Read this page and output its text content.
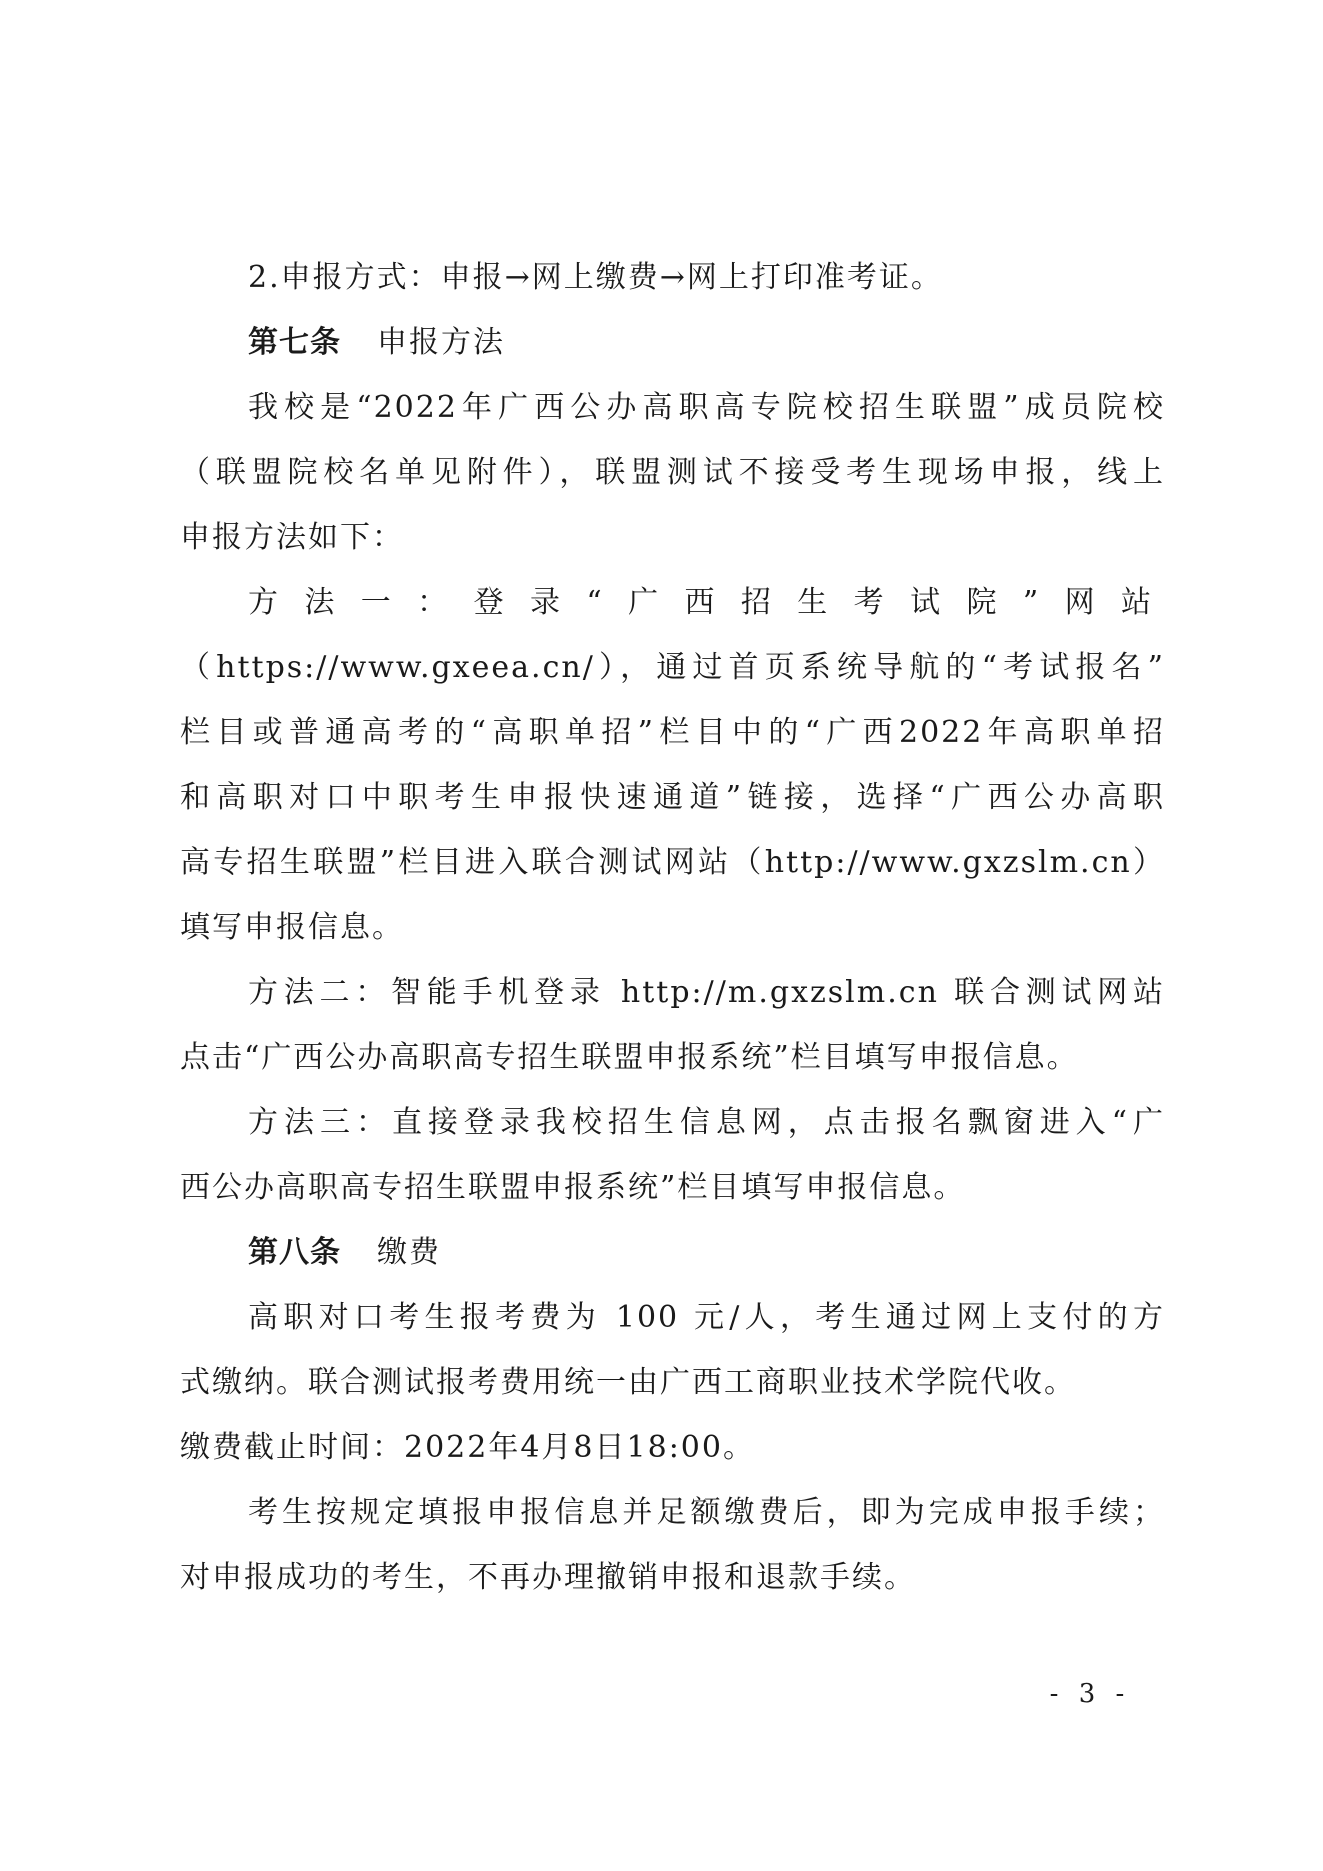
2.申报方式：申报→网上缴费→网上打印准考证。
第七条 申报方法
我校是“2022年广西公办高职高专院校招生联盟”成员院校
（联盟院校名单见附件），联盟测试不接受考生现场申报，线上
申报方法如下：
方法一：登录“广西招生考试院”网站
（https://www.gxeea.cn/），通过首页系统导航的“考试报名”
栏目或普通高考的“高职单招”栏目中的“广西2022年高职单招
和高职对口中职考生申报快速通道”链接，选择“广西公办高职
高专招生联盟”栏目进入联合测试网站（http://www.gxzslm.cn）
填写申报信息。
方法二：智能手机登录 http://m.gxzslm.cn 联合测试网站
点击“广西公办高职高专招生联盟申报系统”栏目填写申报信息。
方法三：直接登录我校招生信息网，点击报名飘窗进入“广
西公办高职高专招生联盟申报系统”栏目填写申报信息。
第八条 缴费
高职对口考生报考费为 100 元/人，考生通过网上支付的方
式缴纳。联合测试报考费用统一由广西工商职业技术学院代收。
缴费截止时间：2022年4月8日18:00。
考生按规定填报申报信息并足额缴费后，即为完成申报手续；
对申报成功的考生，不再办理撤销申报和退款手续。
- 3 -
